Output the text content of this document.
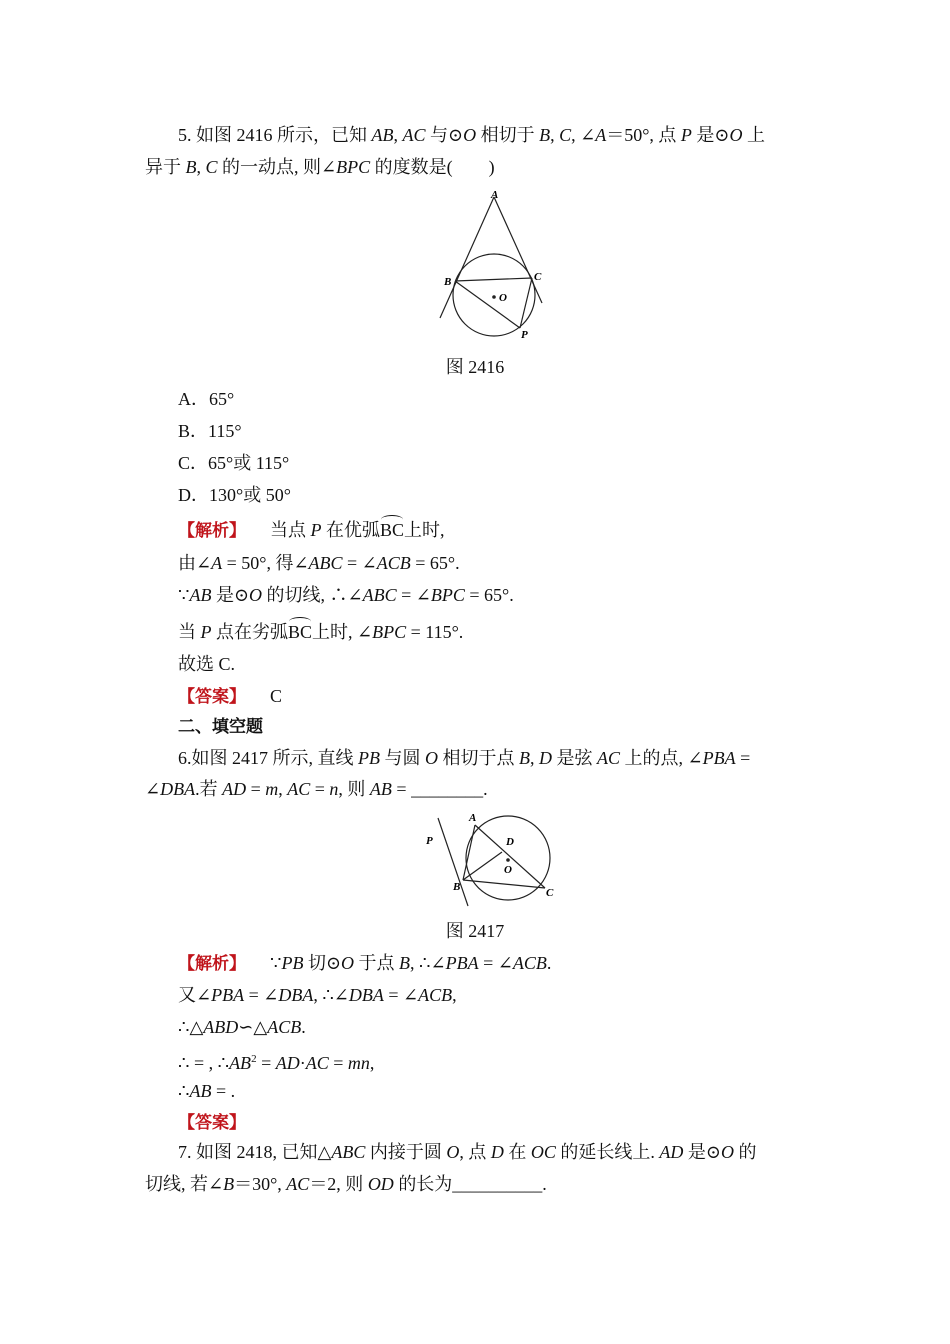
5. 如图 2416 所示，已知 AB, AC 与⊙O 相切于 B, C, ∠A＝50°, 点 P 是⊙O 上
异于 B, C 的一动点, 则∠BPC 的度数是(　　)
A
B	C
O
P
图 2416
A．65°
B．115°
C．65°或 115°
D．130°或 50°
【解析】 当点 P 在优弧BC上时,
由∠A = 50°, 得∠ABC = ∠ACB = 65°.
∵AB 是⊙O 的切线, ∴∠ABC = ∠BPC = 65°.
当 P 点在劣弧BC上时, ∠BPC = 115°.
故选 C.
【答案】 C
二、填空题
6.如图 2417 所示, 直线 PB 与圆 O 相切于点 B, D 是弦 AC 上的点, ∠PBA =
∠DBA.若 AD = m, AC = n, 则 AB = ________.
P
A
D
O
B	C
图 2417
【解析】 ∵PB 切⊙O 于点 B, ∴∠PBA = ∠ACB.
又∠PBA = ∠DBA, ∴∠DBA = ∠ACB,
∴△ABD∽△ACB.
∴ = , $\therefore AB^2 = AD\cdot AC$ = mn,
∴AB = .
【答案】
7. 如图 2418, 已知△ABC 内接于圆 O, 点 D 在 OC 的延长线上. AD 是⊙O 的
切线, 若∠B＝30°, AC＝2, 则 OD 的长为__________.
